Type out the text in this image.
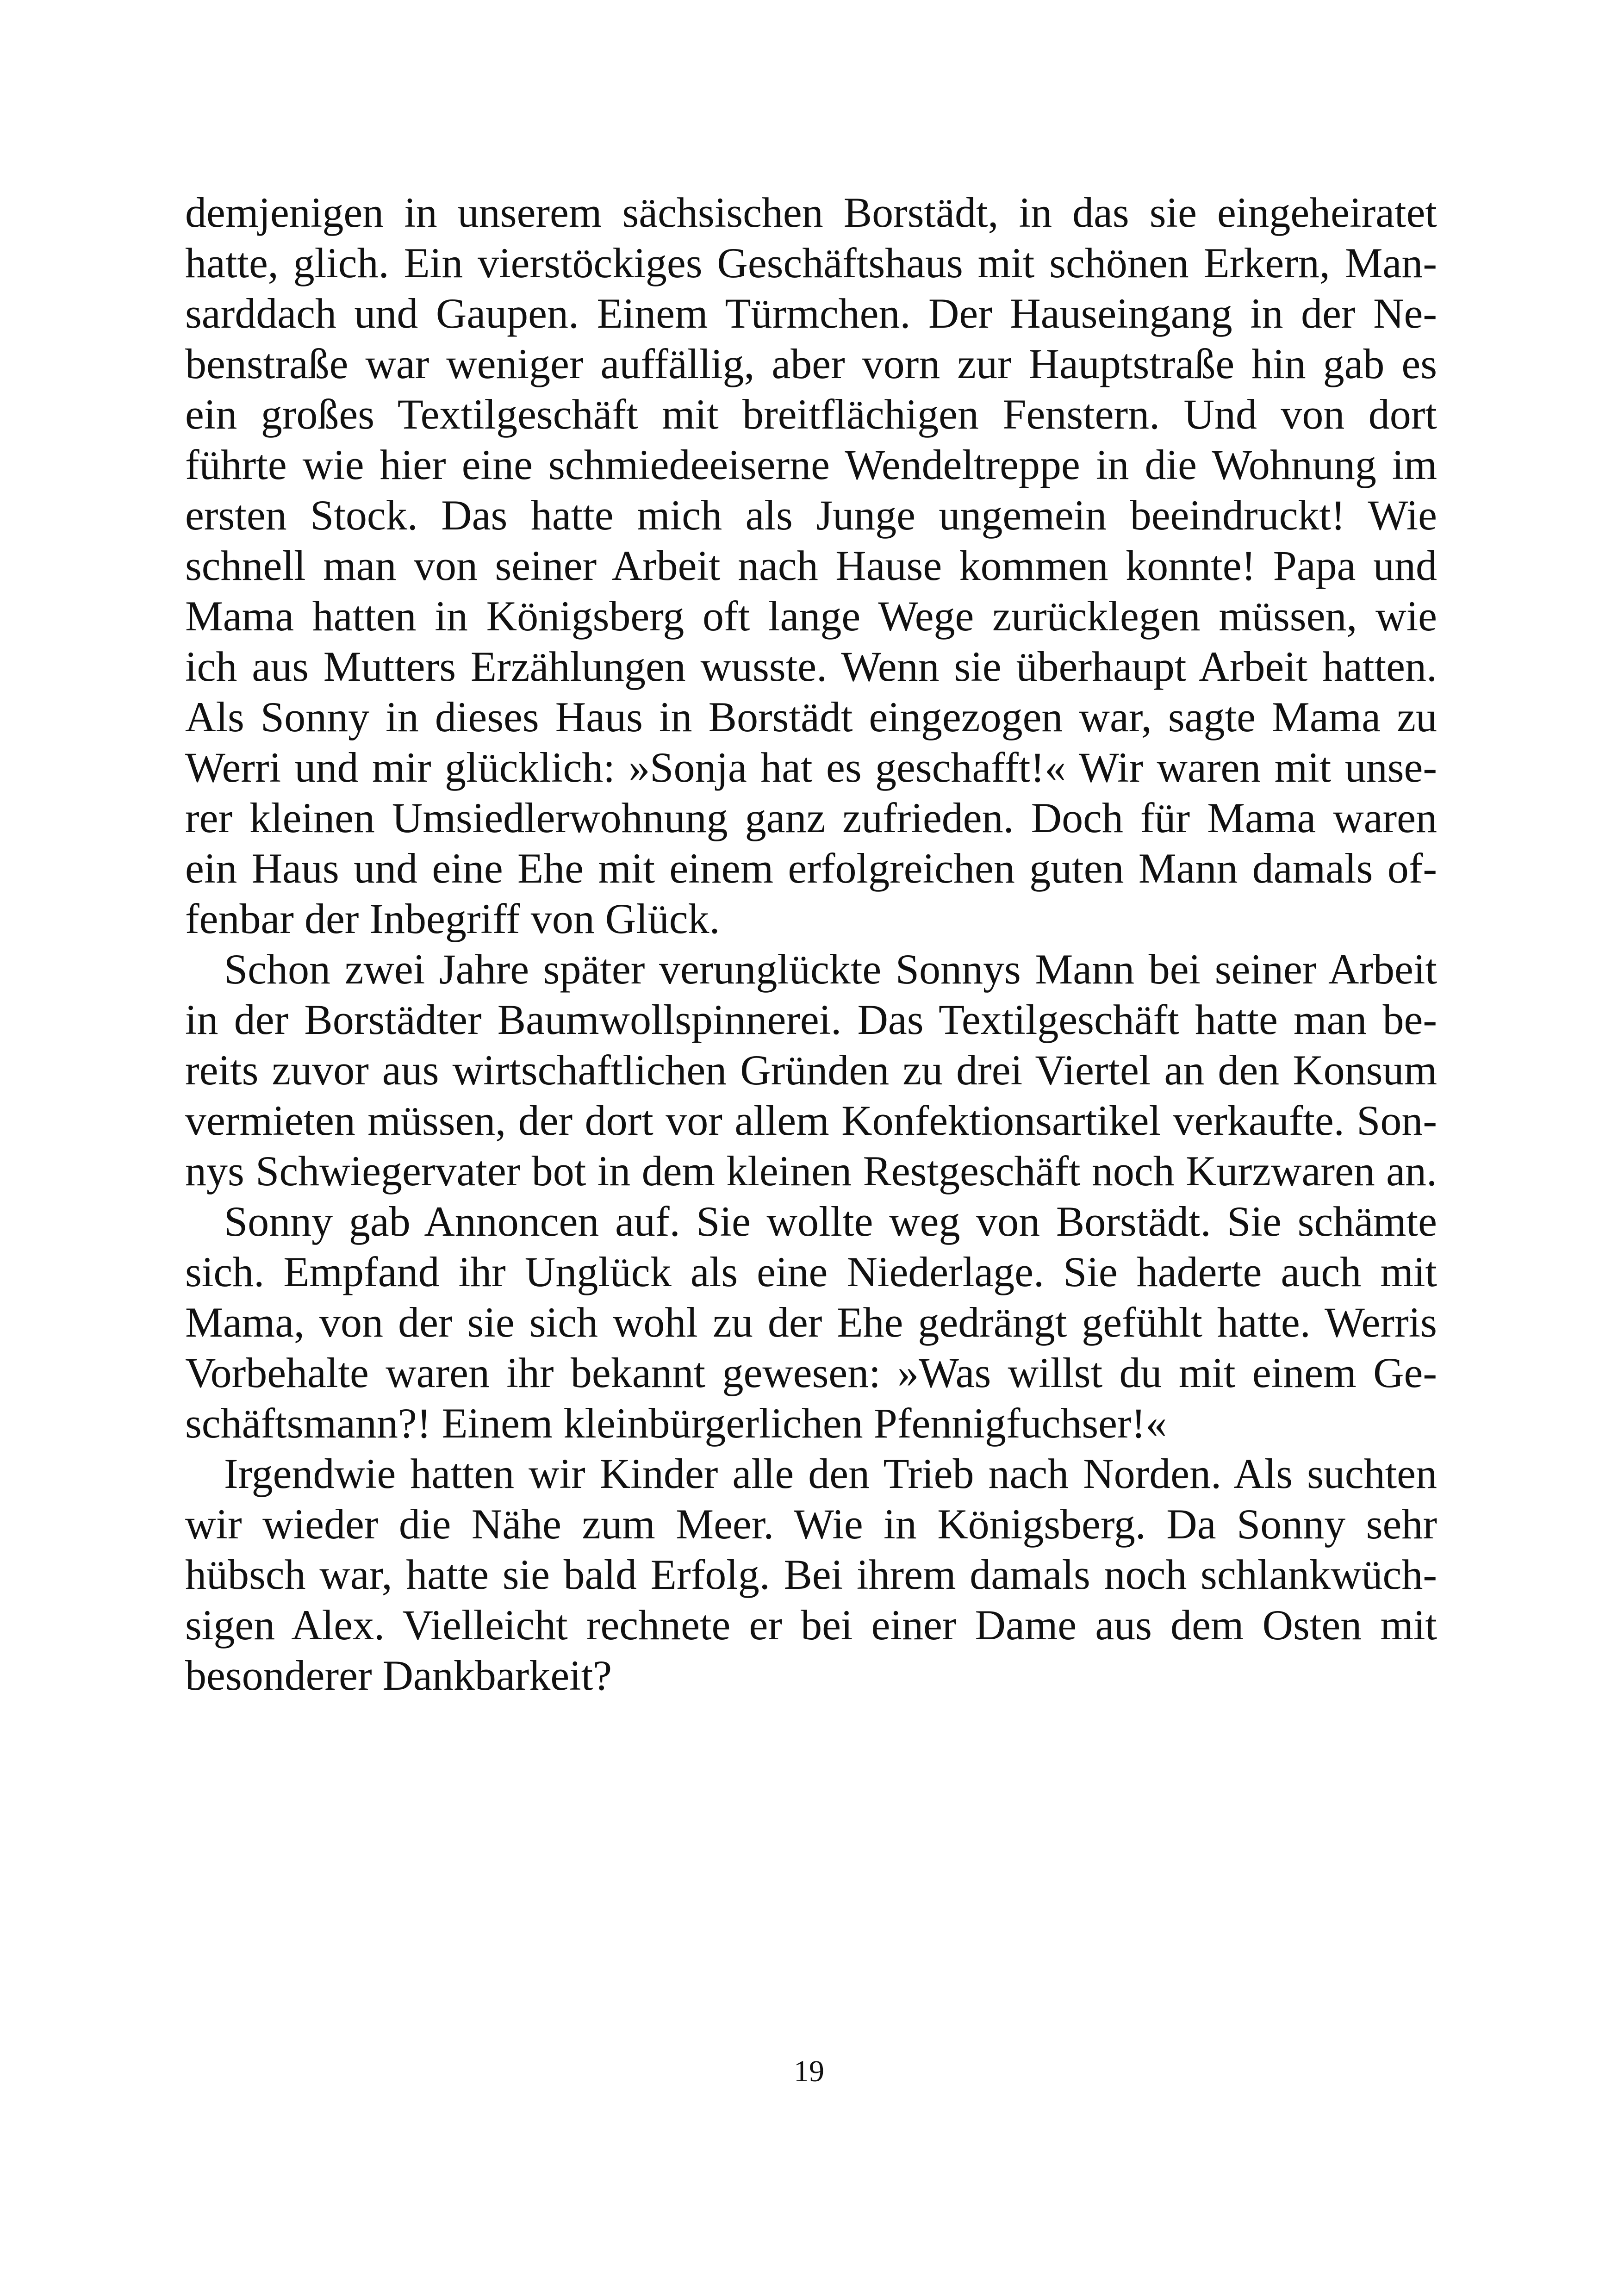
demjenigen in unserem sächsischen Borstädt, in das sie eingeheiratet
hatte, glich. Ein vierstöckiges Geschäftshaus mit schönen Erkern, Man-
sarddach und Gaupen. Einem Türmchen. Der Hauseingang in der Ne-
benstraße war weniger auffällig, aber vorn zur Hauptstraße hin gab es
ein großes Textilgeschäft mit breitflächigen Fenstern. Und von dort
führte wie hier eine schmiedeeiserne Wendeltreppe in die Wohnung im
ersten Stock. Das hatte mich als Junge ungemein beeindruckt! Wie
schnell man von seiner Arbeit nach Hause kommen konnte! Papa und
Mama hatten in Königsberg oft lange Wege zurücklegen müssen, wie
ich aus Mutters Erzählungen wusste. Wenn sie überhaupt Arbeit hatten.
Als Sonny in dieses Haus in Borstädt eingezogen war, sagte Mama zu
Werri und mir glücklich: »Sonja hat es geschafft!« Wir waren mit unse-
rer kleinen Umsiedlerwohnung ganz zufrieden. Doch für Mama waren
ein Haus und eine Ehe mit einem erfolgreichen guten Mann damals of-
fenbar der Inbegriff von Glück.
Schon zwei Jahre später verunglückte Sonnys Mann bei seiner Arbeit
in der Borstädter Baumwollspinnerei. Das Textilgeschäft hatte man be-
reits zuvor aus wirtschaftlichen Gründen zu drei Viertel an den Konsum
vermieten müssen, der dort vor allem Konfektionsartikel verkaufte. Son-
nys Schwiegervater bot in dem kleinen Restgeschäft noch Kurzwaren an.
Sonny gab Annoncen auf. Sie wollte weg von Borstädt. Sie schämte
sich. Empfand ihr Unglück als eine Niederlage. Sie haderte auch mit
Mama, von der sie sich wohl zu der Ehe gedrängt gefühlt hatte. Werris
Vorbehalte waren ihr bekannt gewesen: »Was willst du mit einem Ge-
schäftsmann?! Einem kleinbürgerlichen Pfennigfuchser!«
Irgendwie hatten wir Kinder alle den Trieb nach Norden. Als suchten
wir wieder die Nähe zum Meer. Wie in Königsberg. Da Sonny sehr
hübsch war, hatte sie bald Erfolg. Bei ihrem damals noch schlankwüch-
sigen Alex. Vielleicht rechnete er bei einer Dame aus dem Osten mit
besonderer Dankbarkeit?
19
